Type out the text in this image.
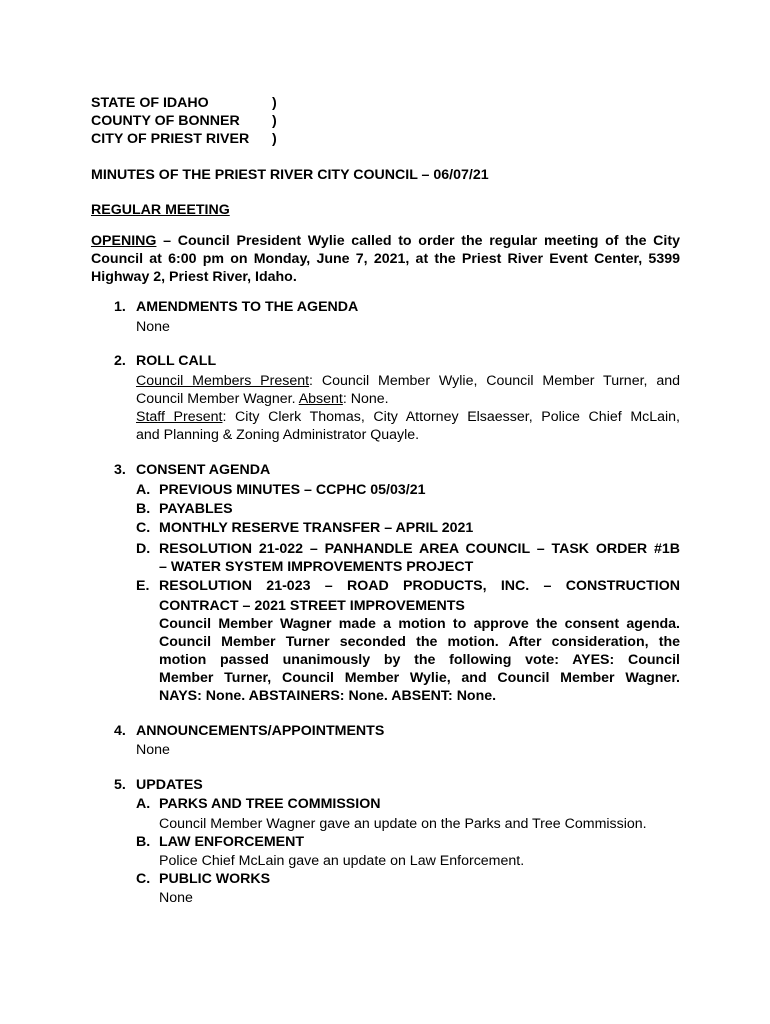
STATE OF IDAHO	)
COUNTY OF BONNER )
CITY OF PRIEST RIVER )
MINUTES OF THE PRIEST RIVER CITY COUNCIL – 06/07/21
REGULAR MEETING
OPENING – Council President Wylie called to order the regular meeting of the City
Council at 6:00 pm on Monday, June 7, 2021, at the Priest River Event Center, 5399
Highway 2, Priest River, Idaho.
1. AMENDMENTS TO THE AGENDA
None
2. ROLL CALL
Council Members Present: Council Member Wylie, Council Member Turner, and
Council Member Wagner. Absent: None.
Staff Present: City Clerk Thomas, City Attorney Elsaesser, Police Chief McLain,
and Planning & Zoning Administrator Quayle.
3. CONSENT AGENDA
A. PREVIOUS MINUTES – CCPHC 05/03/21
B. PAYABLES
C. MONTHLY RESERVE TRANSFER – APRIL 2021
D. RESOLUTION 21-022 – PANHANDLE AREA COUNCIL – TASK ORDER #1B
– WATER SYSTEM IMPROVEMENTS PROJECT
E. RESOLUTION 21-023 – ROAD PRODUCTS, INC. – CONSTRUCTION
CONTRACT – 2021 STREET IMPROVEMENTS
Council Member Wagner made a motion to approve the consent agenda.
Council Member Turner seconded the motion. After consideration, the
motion passed unanimously by the following vote: AYES: Council
Member Turner, Council Member Wylie, and Council Member Wagner.
NAYS: None. ABSTAINERS: None. ABSENT: None.
4. ANNOUNCEMENTS/APPOINTMENTS
None
5. UPDATES
A. PARKS AND TREE COMMISSION
Council Member Wagner gave an update on the Parks and Tree Commission.
B. LAW ENFORCEMENT
Police Chief McLain gave an update on Law Enforcement.
C. PUBLIC WORKS
None
